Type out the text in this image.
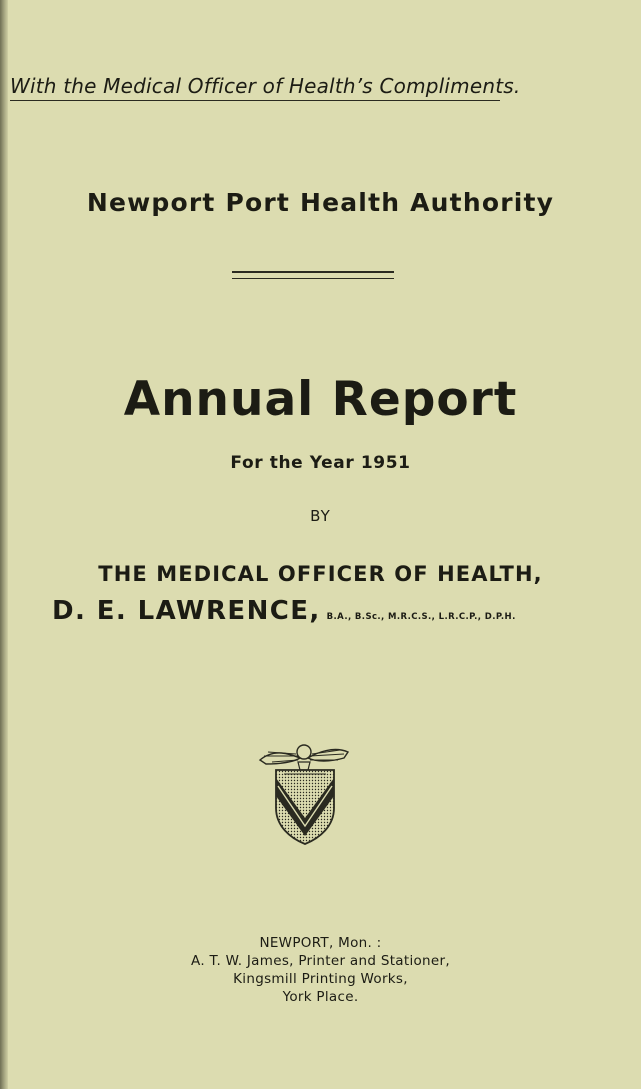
With the Medical Officer of Health’s Compliments.
Newport Port Health Authority
Annual Report
For the Year 1951
BY
THE MEDICAL OFFICER OF HEALTH,
D. E. LAWRENCE, B.A., B.Sc., M.R.C.S., L.R.C.P., D.P.H.
NEWPORT, Mon. :
A. T. W. James, Printer and Stationer,
Kingsmill Printing Works,
York Place.
